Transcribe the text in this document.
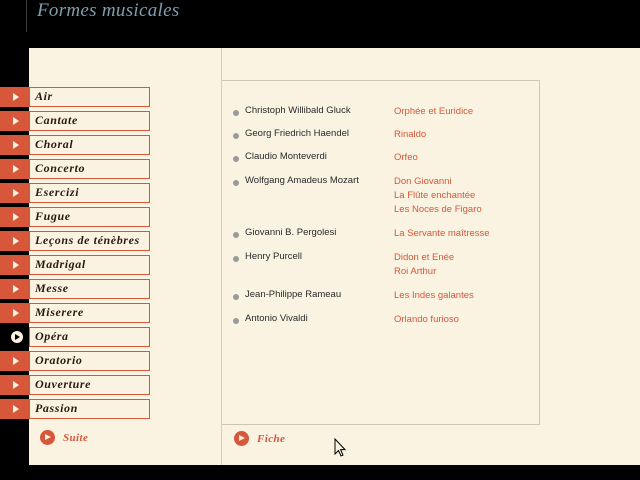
Formes musicales
Air
Cantate
Choral
Concerto
Esercizi
Fugue
Leçons de ténèbres
Madrigal
Messe
Miserere
Opéra
Oratorio
Ouverture
Passion
Suite
Christoph Willibald Gluck	Orphée et Euridice
Georg Friedrich Haendel	Rinaldo
Claudio Monteverdi	Orfeo
Wolfgang Amadeus Mozart	Don Giovanni
La Flûte enchantée
Les Noces de Figaro
Giovanni B. Pergolesi	La Servante maîtresse
Henry Purcell	Didon et Enée
Roi Arthur
Jean-Philippe Rameau	Les Indes galantes
Antonio Vivaldi	Orlando furioso
Fiche
